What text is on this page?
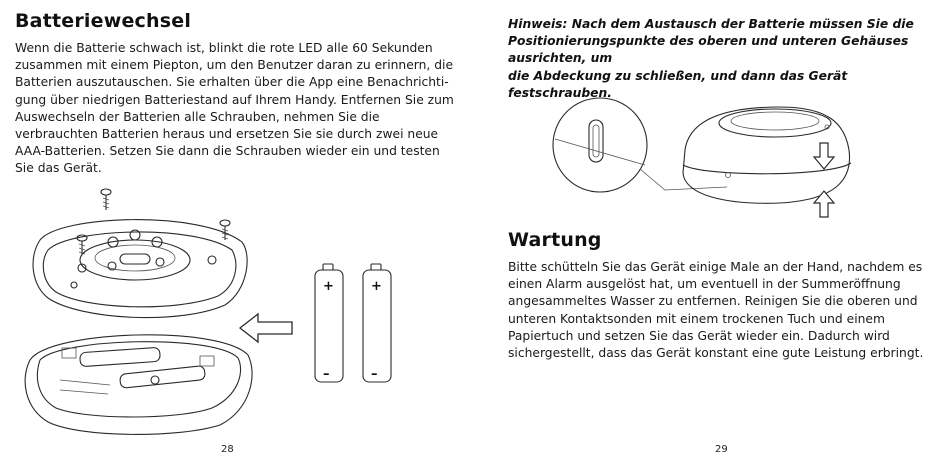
Batteriewechsel
Wenn die Batterie schwach ist, blinkt die rote LED alle 60 Sekunden
zusammen mit einem Piepton, um den Benutzer daran zu erinnern, die
Batterien auszutauschen. Sie erhalten über die App eine Benachrichti-
gung über niedrigen Batteriestand auf Ihrem Handy. Entfernen Sie zum
Auswechseln der Batterien alle Schrauben, nehmen Sie die
verbrauchten Batterien heraus und ersetzen Sie sie durch zwei neue
AAA-Batterien. Setzen Sie dann die Schrauben wieder ein und testen
Sie das Gerät.
+
–
+
–
28
Hinweis: Nach dem Austausch der Batterie müssen Sie die
Positionierungspunkte des oberen und unteren Gehäuses ausrichten, um
die Abdeckung zu schließen, und dann das Gerät festschrauben.
Wartung
Bitte schütteln Sie das Gerät einige Male an der Hand, nachdem es
einen Alarm ausgelöst hat, um eventuell in der Summeröffnung
angesammeltes Wasser zu entfernen. Reinigen Sie die oberen und
unteren Kontaktsonden mit einem trockenen Tuch und einem
Papiertuch und setzen Sie das Gerät wieder ein. Dadurch wird
sichergestellt, dass das Gerät konstant eine gute Leistung erbringt.
29
